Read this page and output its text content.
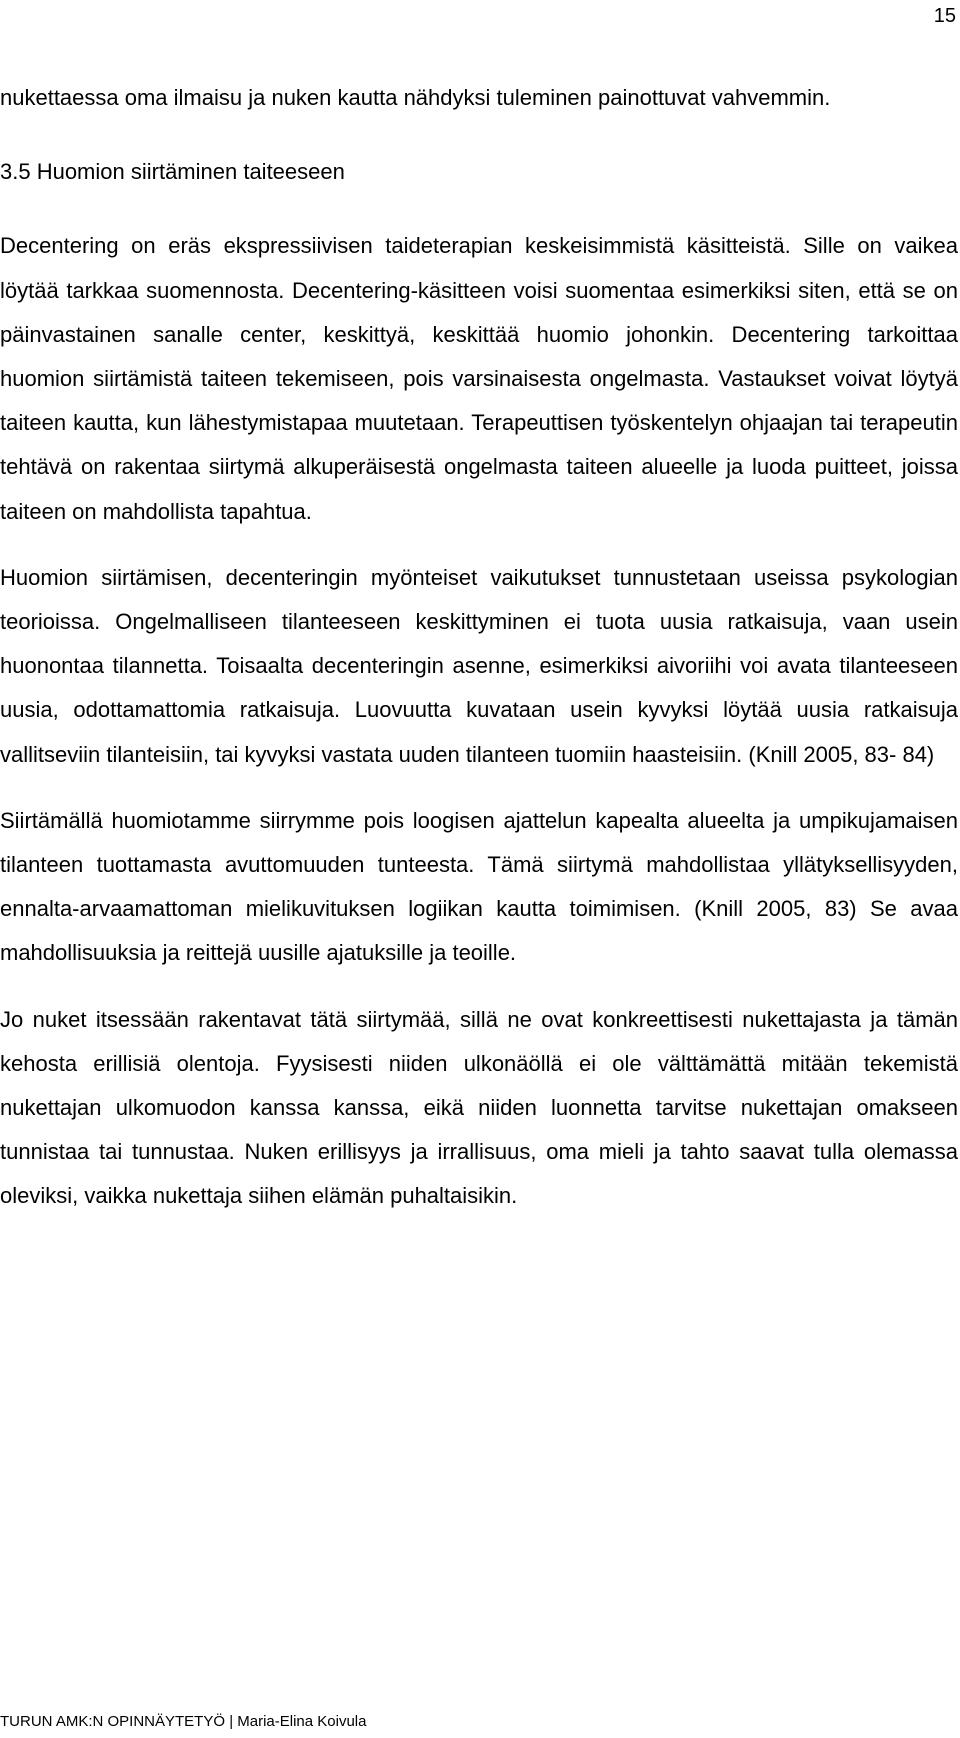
15

nukettaessa oma ilmaisu ja nuken kautta nähdyksi tuleminen painottuvat vahvemmin.

3.5 Huomion siirtäminen taiteeseen

Decentering on eräs ekspressiivisen taideterapian keskeisimmistä käsitteistä. Sille on vaikea löytää tarkkaa suomennosta. Decentering-käsitteen voisi suomentaa esimerkiksi siten, että se on päinvastainen sanalle center, keskittyä, keskittää huomio johonkin. Decentering tarkoittaa huomion siirtämistä taiteen tekemiseen, pois varsinaisesta ongelmasta. Vastaukset voivat löytyä taiteen kautta, kun lähestymistapaa muutetaan. Terapeuttisen työskentelyn ohjaajan tai terapeutin tehtävä on rakentaa siirtymä alkuperäisestä ongelmasta taiteen alueelle ja luoda puitteet, joissa taiteen on mahdollista tapahtua.

Huomion siirtämisen, decenteringin myönteiset vaikutukset tunnustetaan useissa psykologian teorioissa. Ongelmalliseen tilanteeseen keskittyminen ei tuota uusia ratkaisuja, vaan usein huonontaa tilannetta. Toisaalta decenteringin asenne, esimerkiksi aivoriihi voi avata tilanteeseen uusia, odottamattomia ratkaisuja. Luovuutta kuvataan usein kyvyksi löytää uusia ratkaisuja vallitseviin tilanteisiin, tai kyvyksi vastata uuden tilanteen tuomiin haasteisiin. (Knill 2005, 83- 84)

Siirtämällä huomiotamme siirrymme pois loogisen ajattelun kapealta alueelta ja umpikujamaisen tilanteen tuottamasta avuttomuuden tunteesta. Tämä siirtymä mahdollistaa yllätyksellisyyden, ennalta-arvaamattoman mielikuvituksen logiikan kautta toimimisen. (Knill 2005, 83) Se avaa mahdollisuuksia ja reittejä uusille ajatuksille ja teoille.

Jo nuket itsessään rakentavat tätä siirtymää, sillä ne ovat konkreettisesti nukettajasta ja tämän kehosta erillisiä olentoja. Fyysisesti niiden ulkonäöllä ei ole välttämättä mitään tekemistä nukettajan ulkomuodon kanssa kanssa, eikä niiden luonnetta tarvitse nukettajan omakseen tunnistaa tai tunnustaa. Nuken erillisyys ja irrallisuus, oma mieli ja tahto saavat tulla olemassa oleviksi, vaikka nukettaja siihen elämän puhaltaisikin.

TURUN AMK:N OPINNÄYTETYÖ | Maria-Elina Koivula
